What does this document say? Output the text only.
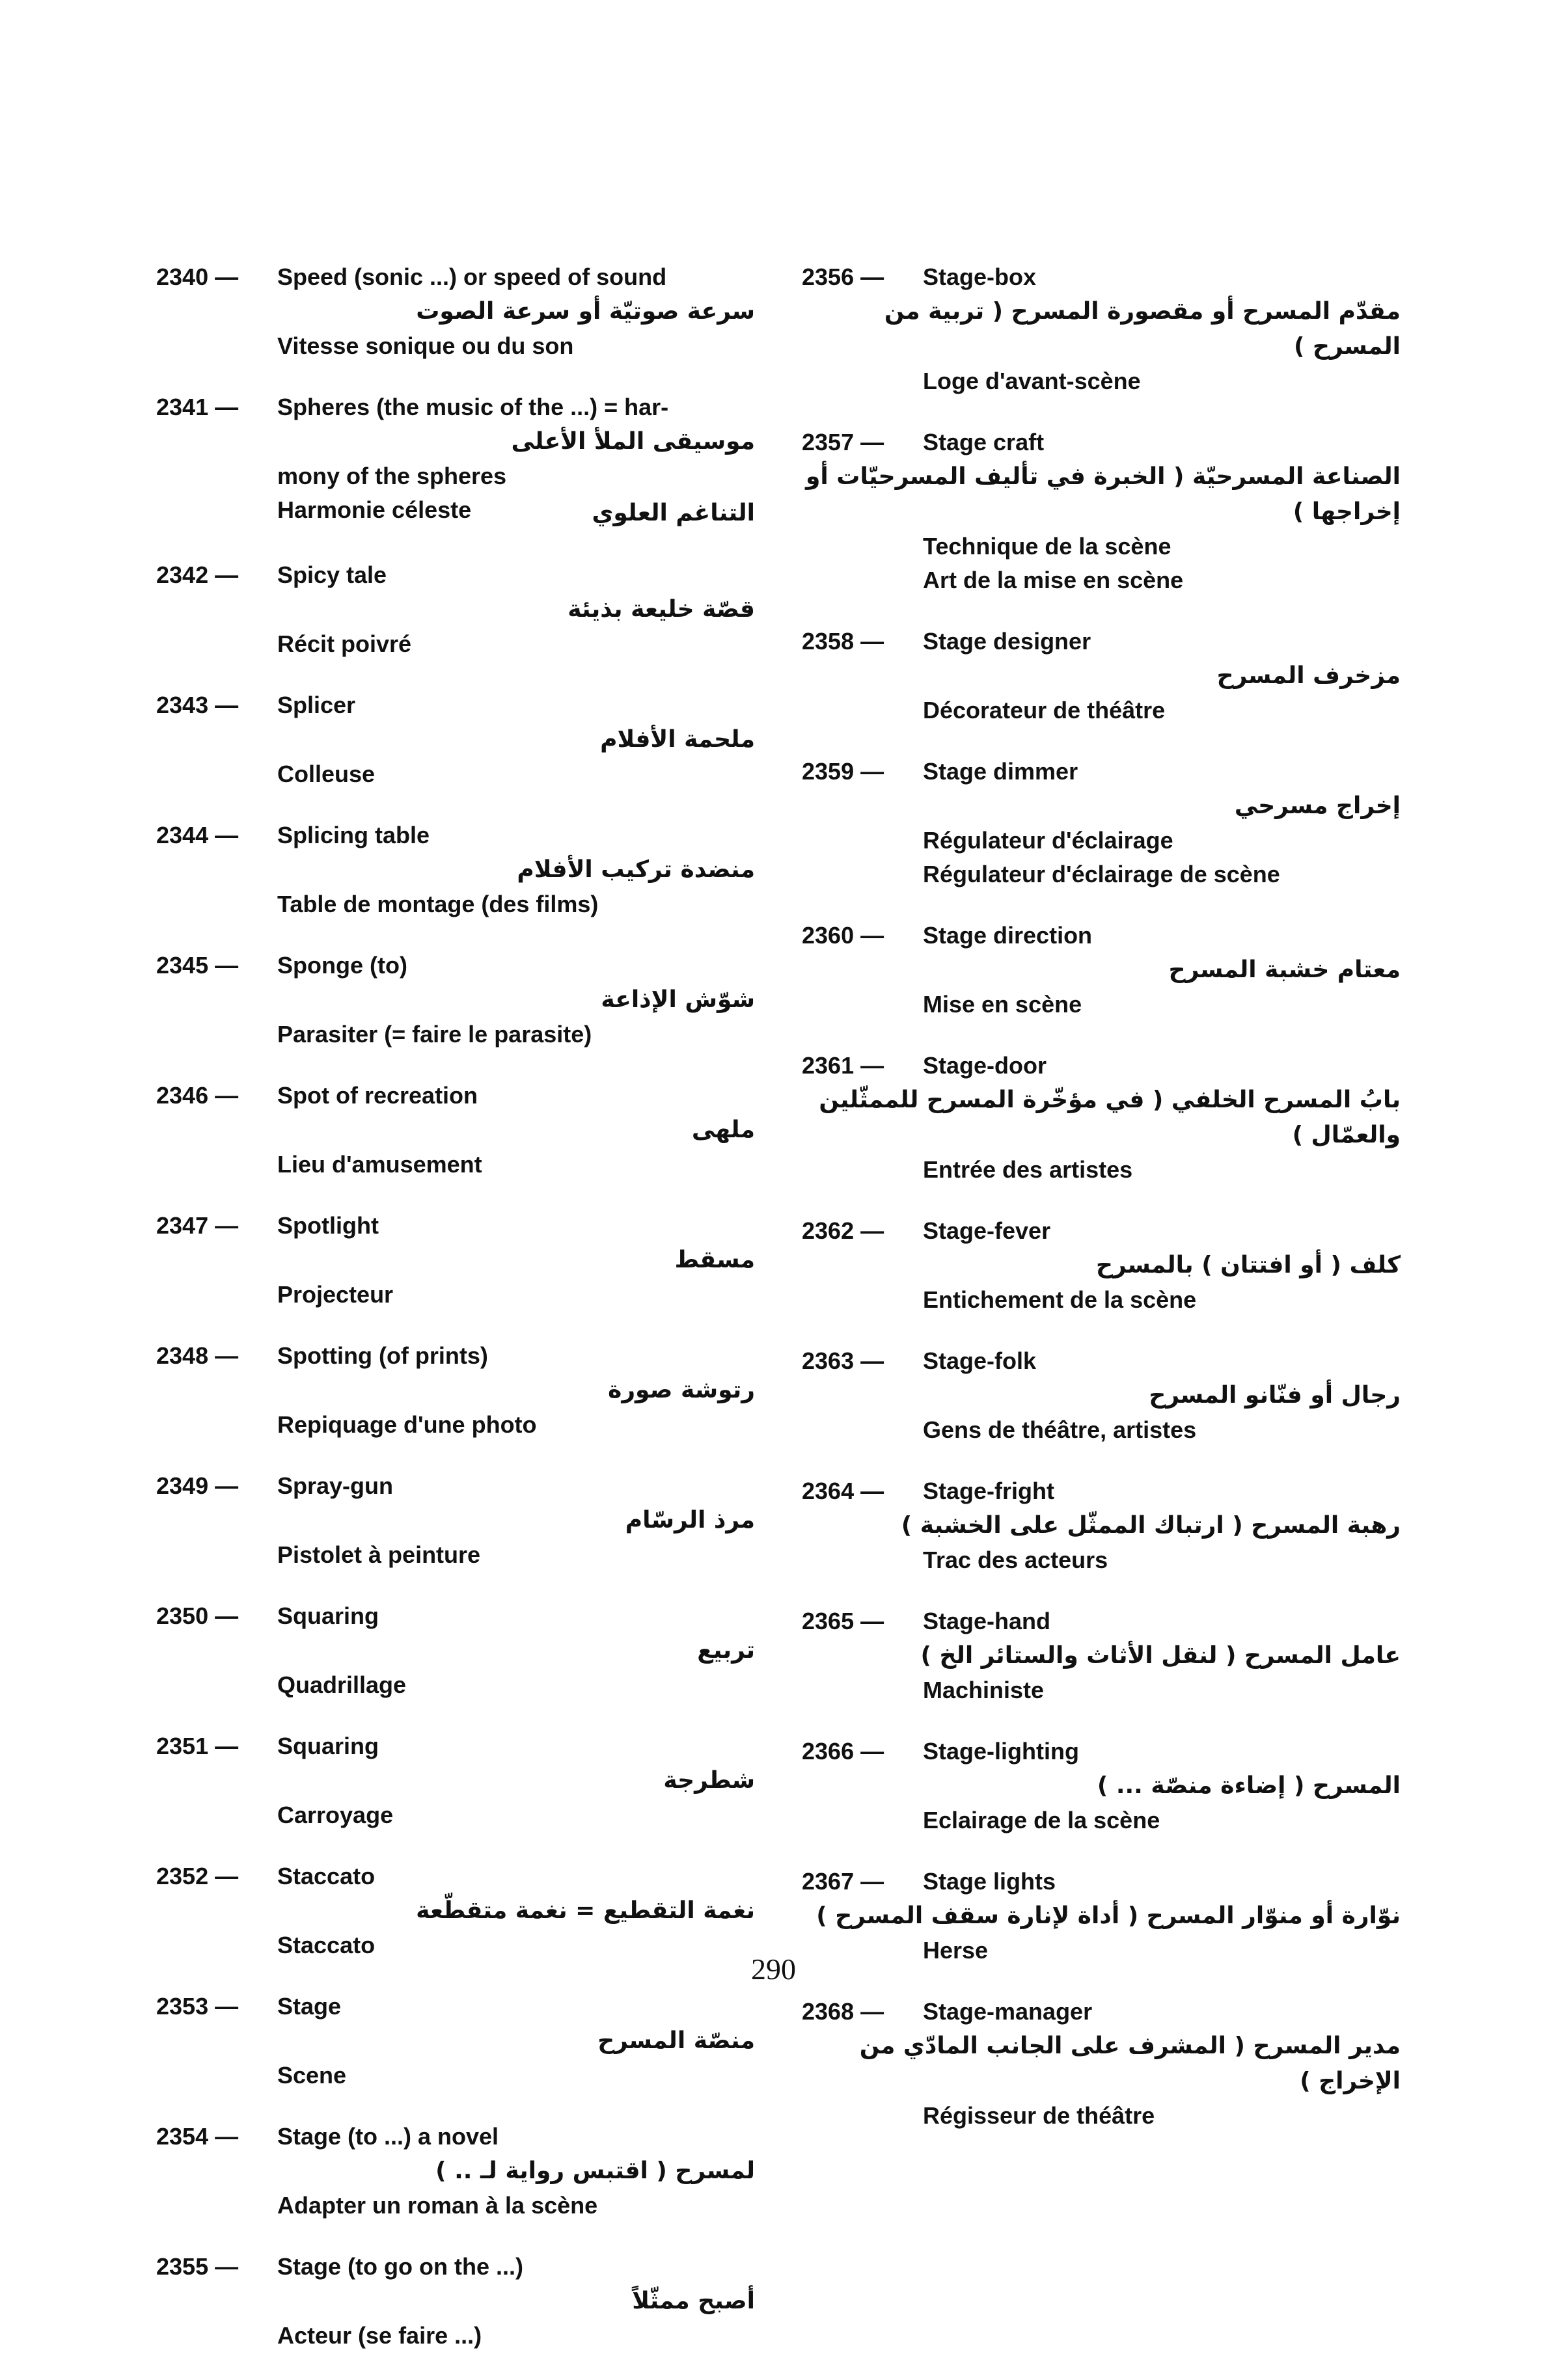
2340 —	Speed (sonic ...) or speed of sound
سرعة صوتيّة أو سرعة الصوت
Vitesse sonique ou du son
2341 —	Spheres (the music of the ...) = har-
موسيقى الملأ الأعلى
mony of the spheres
التناغم العلوي
Harmonie céleste
2342 —	Spicy tale
قصّة خليعة بذيئة
Récit poivré
2343 —	Splicer
ملحمة الأفلام
Colleuse
2344 —	Splicing table
منضدة تركيب الأفلام
Table de montage (des films)
2345 —	Sponge (to)
شوّش الإذاعة
Parasiter (= faire le parasite)
2346 —	Spot of recreation
ملهى
Lieu d'amusement
2347 —	Spotlight
مسقط
Projecteur
2348 —	Spotting (of prints)
رتوشة صورة
Repiquage d'une photo
2349 —	Spray-gun
مرذ الرسّام
Pistolet à peinture
2350 —	Squaring
تربيع
Quadrillage
2351 —	Squaring
شطرجة
Carroyage
2352 —	Staccato
نغمة التقطيع = نغمة متقطّعة
Staccato
2353 —	Stage
منصّة المسرح
Scene
2354 —	Stage (to ...) a novel
لمسرح ( اقتبس رواية لـ .. )
Adapter un roman à la scène
2355 —	Stage (to go on the ...)
أصبح ممثّلاً
Acteur (se faire ...)
2356 —	Stage-box
مقدّم المسرح أو مقصورة المسرح ( تربية من المسرح )
Loge d'avant-scène
2357 —	Stage craft
الصناعة المسرحيّة ( الخبرة في تأليف المسرحيّات أو إخراجها )
Technique de la scène
Art de la mise en scène
2358 —	Stage designer
مزخرف المسرح
Décorateur de théâtre
2359 —	Stage dimmer
إخراج مسرحي
Régulateur d'éclairage
Régulateur d'éclairage de scène
2360 —	Stage direction
معتام خشبة المسرح
Mise en scène
2361 —	Stage-door
بابُ المسرح الخلفي ( في مؤخّرة المسرح للممثّلين والعمّال )
Entrée des artistes
2362 —	Stage-fever
كلف ( أو افتتان ) بالمسرح
Entichement de la scène
2363 —	Stage-folk
رجال أو فنّانو المسرح
Gens de théâtre, artistes
2364 —	Stage-fright
رهبة المسرح ( ارتباك الممثّل على الخشبة )
Trac des acteurs
2365 —	Stage-hand
عامل المسرح ( لنقل الأثاث والستائر الخ )
Machiniste
2366 —	Stage-lighting
المسرح ( إضاءة منصّة ... )
Eclairage de la scène
2367 —	Stage lights
نوّارة أو منوّار المسرح ( أداة لإنارة سقف المسرح )
Herse
2368 —	Stage-manager
مدير المسرح ( المشرف على الجانب المادّي من الإخراج )
Régisseur de théâtre
290
